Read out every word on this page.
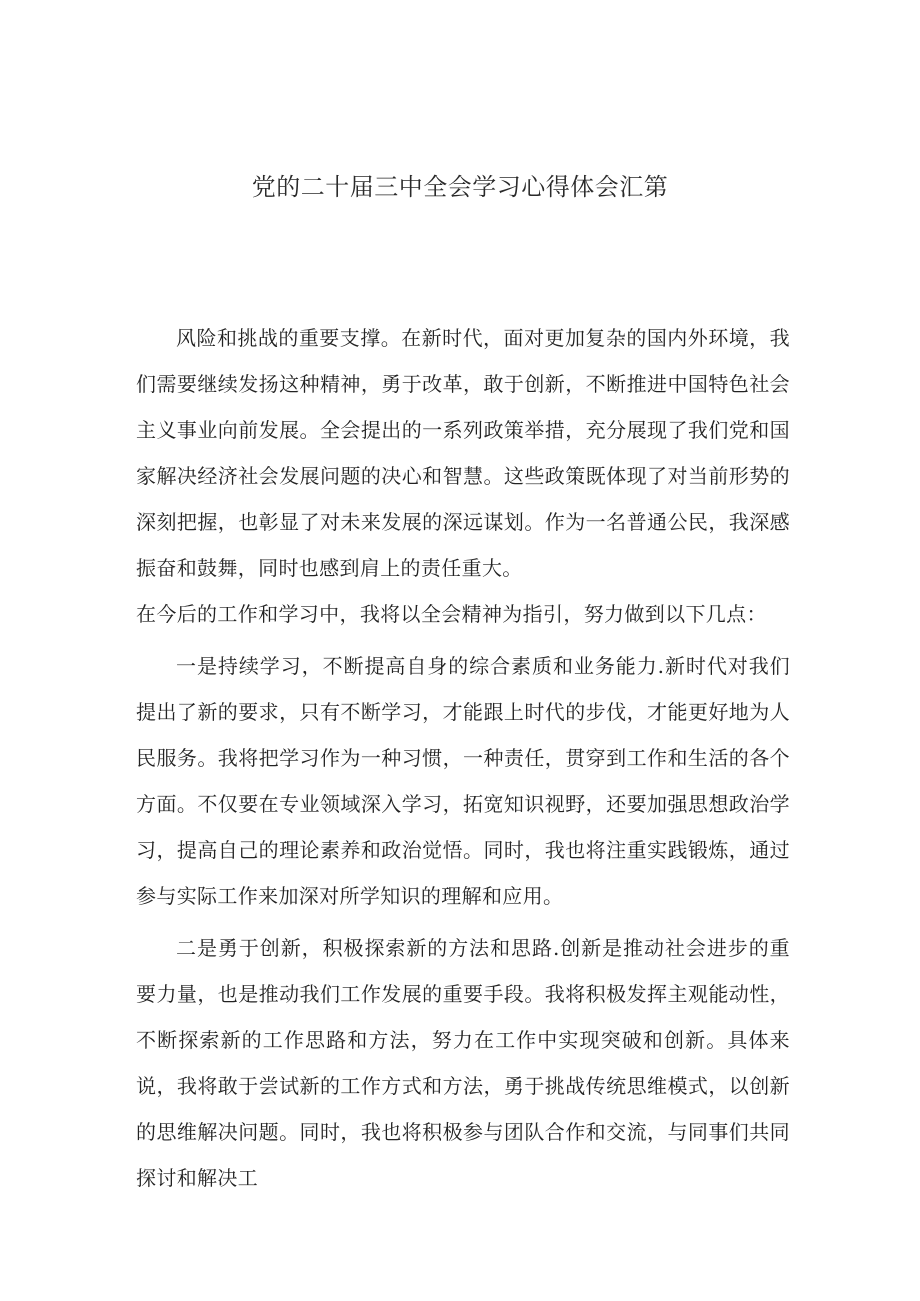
党的二十届三中全会学习心得体会汇第

风险和挑战的重要支撑。在新时代，面对更加复杂的国内外环境，我们需要继续发扬这种精神，勇于改革，敢于创新，不断推进中国特色社会主义事业向前发展。全会提出的一系列政策举措，充分展现了我们党和国家解决经济社会发展问题的决心和智慧。这些政策既体现了对当前形势的深刻把握，也彰显了对未来发展的深远谋划。作为一名普通公民，我深感振奋和鼓舞，同时也感到肩上的责任重大。

在今后的工作和学习中，我将以全会精神为指引，努力做到以下几点：

一是持续学习，不断提高自身的综合素质和业务能力.新时代对我们提出了新的要求，只有不断学习，才能跟上时代的步伐，才能更好地为人民服务。我将把学习作为一种习惯，一种责任，贯穿到工作和生活的各个方面。不仅要在专业领域深入学习，拓宽知识视野，还要加强思想政治学习，提高自己的理论素养和政治觉悟。同时，我也将注重实践锻炼，通过参与实际工作来加深对所学知识的理解和应用。

二是勇于创新，积极探索新的方法和思路.创新是推动社会进步的重要力量，也是推动我们工作发展的重要手段。我将积极发挥主观能动性，不断探索新的工作思路和方法，努力在工作中实现突破和创新。具体来说，我将敢于尝试新的工作方式和方法，勇于挑战传统思维模式，以创新的思维解决问题。同时，我也将积极参与团队合作和交流，与同事们共同探讨和解决工
